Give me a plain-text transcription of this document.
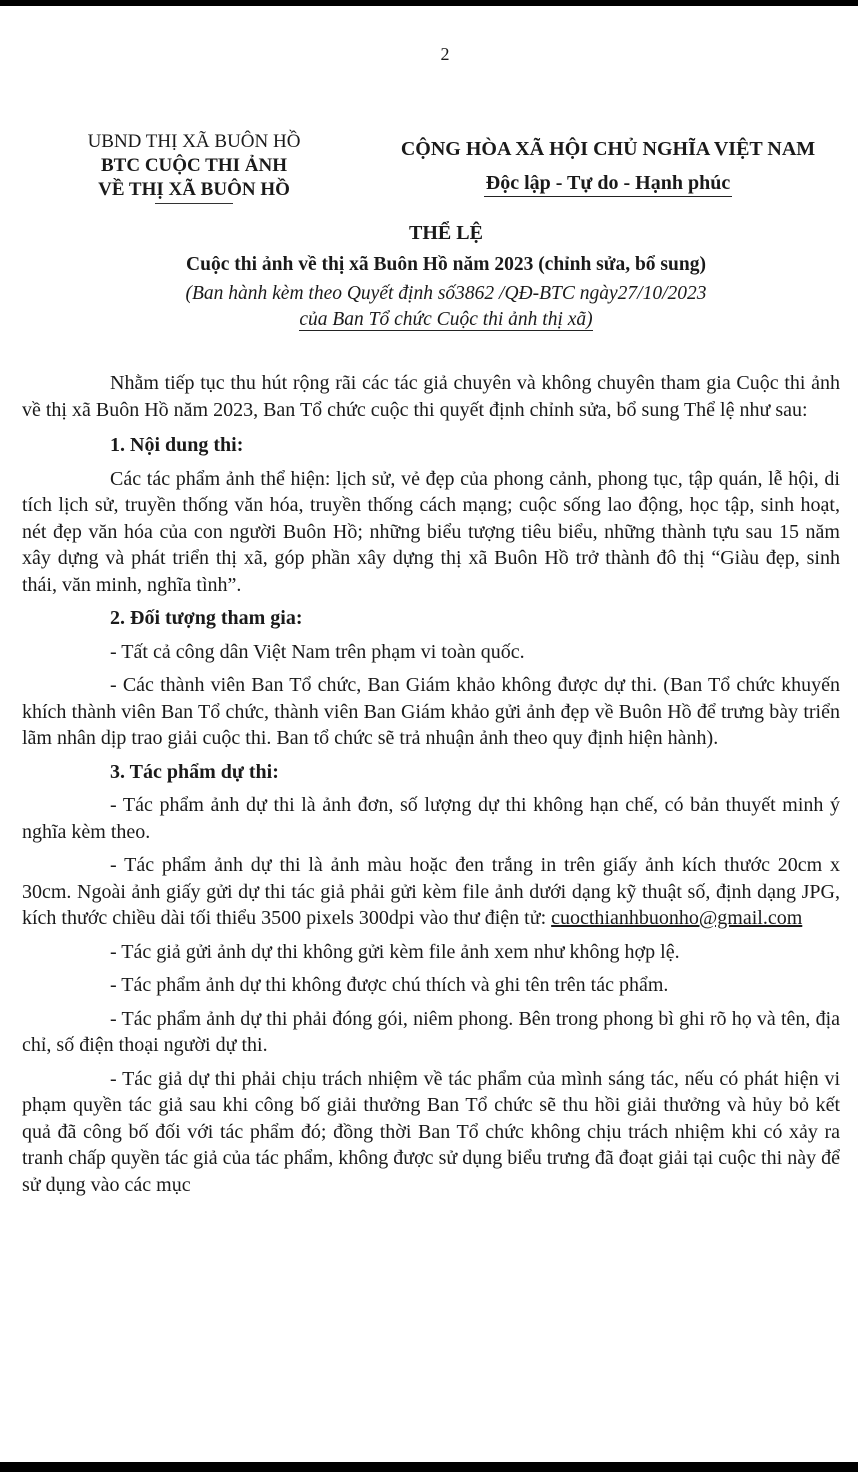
2
UBND THỊ XÃ BUÔN HỒ
BTC CUỘC THI ẢNH
VỀ THỊ XÃ BUÔN HỒ
CỘNG HÒA XÃ HỘI CHỦ NGHĨA VIỆT NAM
Độc lập - Tự do - Hạnh phúc
THỂ LỆ
Cuộc thi ảnh về thị xã Buôn Hồ năm 2023 (chỉnh sửa, bổ sung)
(Ban hành kèm theo Quyết định số3862 /QĐ-BTC ngày27/10/2023
của Ban Tổ chức Cuộc thi ảnh thị xã)

Nhằm tiếp tục thu hút rộng rãi các tác giả chuyên và không chuyên tham gia Cuộc thi ảnh về thị xã Buôn Hồ năm 2023, Ban Tổ chức cuộc thi quyết định chỉnh sửa, bổ sung Thể lệ như sau:

1. Nội dung thi:

Các tác phẩm ảnh thể hiện: lịch sử, vẻ đẹp của phong cảnh, phong tục, tập quán, lễ hội, di tích lịch sử, truyền thống văn hóa, truyền thống cách mạng; cuộc sống lao động, học tập, sinh hoạt, nét đẹp văn hóa của con người Buôn Hồ; những biểu tượng tiêu biểu, những thành tựu sau 15 năm xây dựng và phát triển thị xã, góp phần xây dựng thị xã Buôn Hồ trở thành đô thị “Giàu đẹp, sinh thái, văn minh, nghĩa tình”.

2. Đối tượng tham gia:

- Tất cả công dân Việt Nam trên phạm vi toàn quốc.

- Các thành viên Ban Tổ chức, Ban Giám khảo không được dự thi. (Ban Tổ chức khuyến khích thành viên Ban Tổ chức, thành viên Ban Giám khảo gửi ảnh đẹp về Buôn Hồ để trưng bày triển lãm nhân dịp trao giải cuộc thi. Ban tổ chức sẽ trả nhuận ảnh theo quy định hiện hành).

3. Tác phẩm dự thi:

- Tác phẩm ảnh dự thi là ảnh đơn, số lượng dự thi không hạn chế, có bản thuyết minh ý nghĩa kèm theo.

- Tác phẩm ảnh dự thi là ảnh màu hoặc đen trắng in trên giấy ảnh kích thước 20cm x 30cm. Ngoài ảnh giấy gửi dự thi tác giả phải gửi kèm file ảnh dưới dạng kỹ thuật số, định dạng JPG, kích thước chiều dài tối thiểu 3500 pixels 300dpi vào thư điện tử: cuocthianhbuonho@gmail.com

- Tác giả gửi ảnh dự thi không gửi kèm file ảnh xem như không hợp lệ.

- Tác phẩm ảnh dự thi không được chú thích và ghi tên trên tác phẩm.

- Tác phẩm ảnh dự thi phải đóng gói, niêm phong. Bên trong phong bì ghi rõ họ và tên, địa chỉ, số điện thoại người dự thi.

- Tác giả dự thi phải chịu trách nhiệm về tác phẩm của mình sáng tác, nếu có phát hiện vi phạm quyền tác giả sau khi công bố giải thưởng Ban Tổ chức sẽ thu hồi giải thưởng và hủy bỏ kết quả đã công bố đối với tác phẩm đó; đồng thời Ban Tổ chức không chịu trách nhiệm khi có xảy ra tranh chấp quyền tác giả của tác phẩm, không được sử dụng biểu trưng đã đoạt giải tại cuộc thi này để sử dụng vào các mục
